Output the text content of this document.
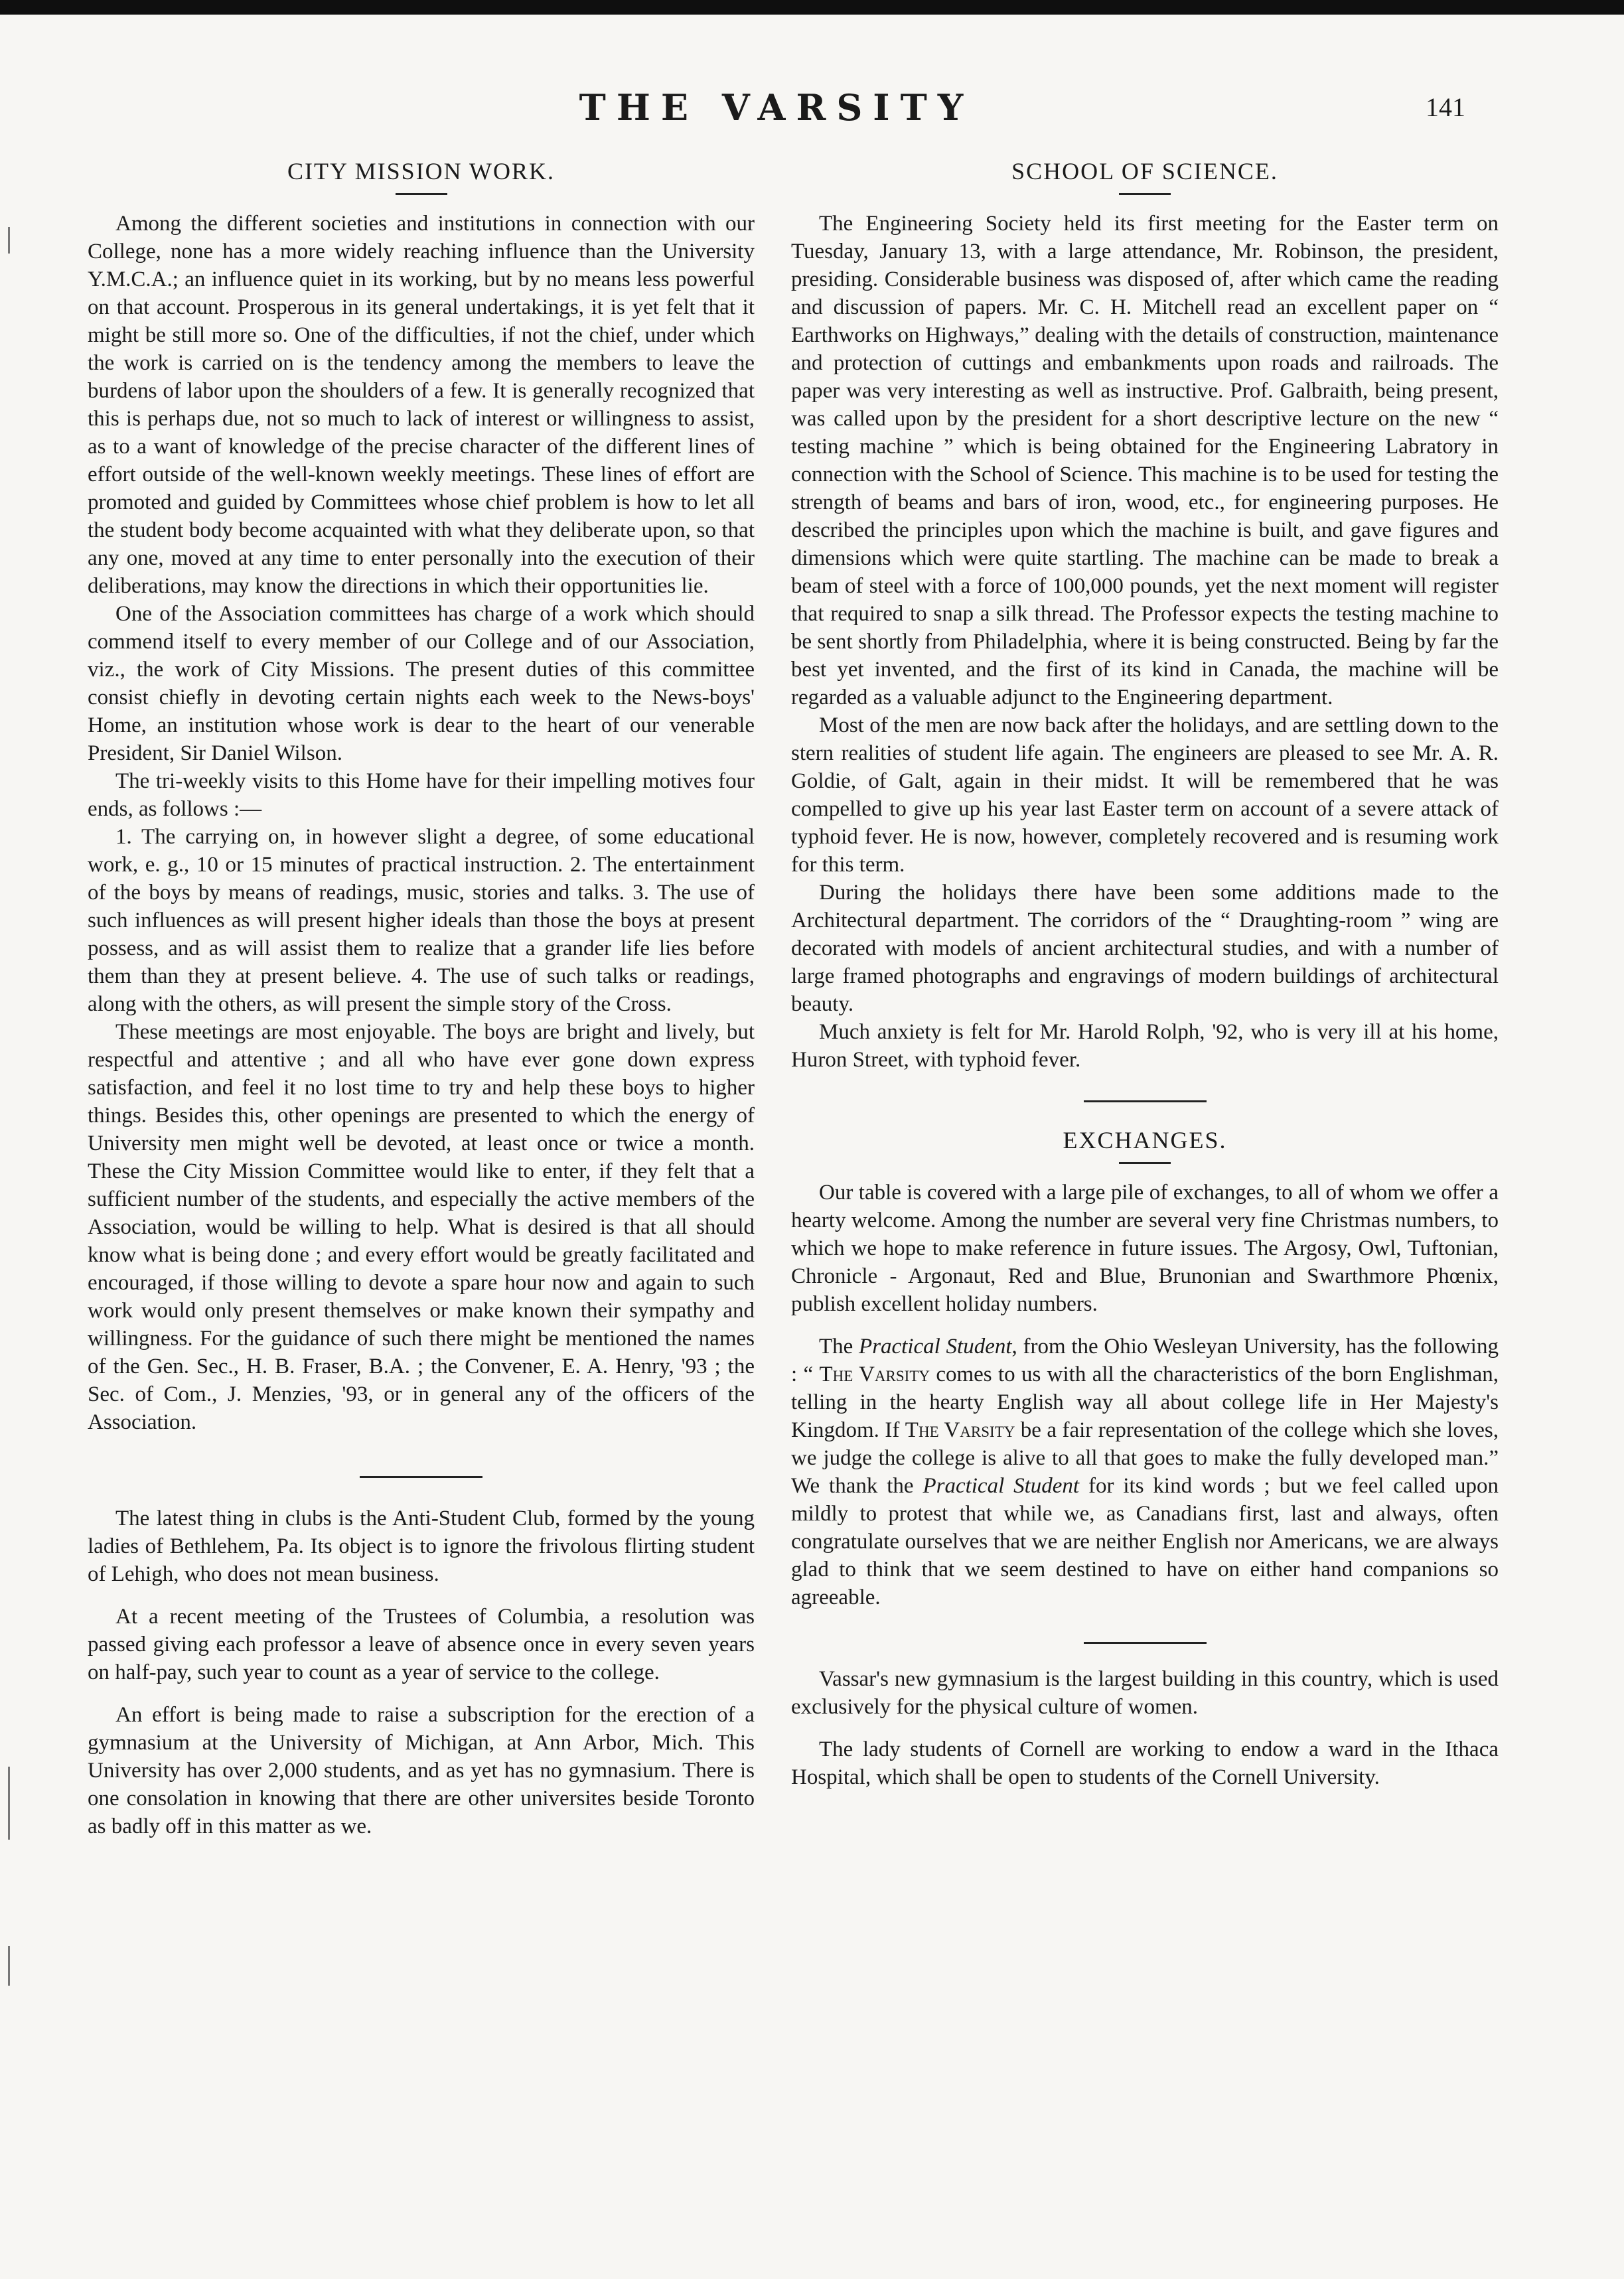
THE VARSITY	141
CITY MISSION WORK.

Among the different societies and institutions in connection with our College, none has a more widely reaching influence than the University Y.M.C.A.; an influence quiet in its working, but by no means less powerful on that account. Prosperous in its general undertakings, it is yet felt that it might be still more so. One of the difficulties, if not the chief, under which the work is carried on is the tendency among the members to leave the burdens of labor upon the shoulders of a few. It is generally recognized that this is perhaps due, not so much to lack of interest or willingness to assist, as to a want of knowledge of the precise character of the different lines of effort outside of the well-known weekly meetings. These lines of effort are promoted and guided by Committees whose chief problem is how to let all the student body become acquainted with what they deliberate upon, so that any one, moved at any time to enter personally into the execution of their deliberations, may know the directions in which their opportunities lie.

One of the Association committees has charge of a work which should commend itself to every member of our College and of our Association, viz., the work of City Missions. The present duties of this committee consist chiefly in devoting certain nights each week to the News-boys' Home, an institution whose work is dear to the heart of our venerable President, Sir Daniel Wilson.

The tri-weekly visits to this Home have for their impelling motives four ends, as follows :—

1. The carrying on, in however slight a degree, of some educational work, e. g., 10 or 15 minutes of practical instruction. 2. The entertainment of the boys by means of readings, music, stories and talks. 3. The use of such influences as will present higher ideals than those the boys at present possess, and as will assist them to realize that a grander life lies before them than they at present believe. 4. The use of such talks or readings, along with the others, as will present the simple story of the Cross.

These meetings are most enjoyable. The boys are bright and lively, but respectful and attentive ; and all who have ever gone down express satisfaction, and feel it no lost time to try and help these boys to higher things. Besides this, other openings are presented to which the energy of University men might well be devoted, at least once or twice a month. These the City Mission Committee would like to enter, if they felt that a sufficient number of the students, and especially the active members of the Association, would be willing to help. What is desired is that all should know what is being done ; and every effort would be greatly facilitated and encouraged, if those willing to devote a spare hour now and again to such work would only present themselves or make known their sympathy and willingness. For the guidance of such there might be mentioned the names of the Gen. Sec., H. B. Fraser, B.A. ; the Convener, E. A. Henry, '93 ; the Sec. of Com., J. Menzies, '93, or in general any of the officers of the Association.

The latest thing in clubs is the Anti-Student Club, formed by the young ladies of Bethlehem, Pa. Its object is to ignore the frivolous flirting student of Lehigh, who does not mean business.

At a recent meeting of the Trustees of Columbia, a resolution was passed giving each professor a leave of absence once in every seven years on half-pay, such year to count as a year of service to the college.

An effort is being made to raise a subscription for the erection of a gymnasium at the University of Michigan, at Ann Arbor, Mich. This University has over 2,000 students, and as yet has no gymnasium. There is one consolation in knowing that there are other universites beside Toronto as badly off in this matter as we.

SCHOOL OF SCIENCE.

The Engineering Society held its first meeting for the Easter term on Tuesday, January 13, with a large attendance, Mr. Robinson, the president, presiding. Considerable business was disposed of, after which came the reading and discussion of papers. Mr. C. H. Mitchell read an excellent paper on “ Earthworks on Highways,” dealing with the details of construction, maintenance and protection of cuttings and embankments upon roads and railroads. The paper was very interesting as well as instructive. Prof. Galbraith, being present, was called upon by the president for a short descriptive lecture on the new “ testing machine ” which is being obtained for the Engineering Labratory in connection with the School of Science. This machine is to be used for testing the strength of beams and bars of iron, wood, etc., for engineering purposes. He described the principles upon which the machine is built, and gave figures and dimensions which were quite startling. The machine can be made to break a beam of steel with a force of 100,000 pounds, yet the next moment will register that required to snap a silk thread. The Professor expects the testing machine to be sent shortly from Philadelphia, where it is being constructed. Being by far the best yet invented, and the first of its kind in Canada, the machine will be regarded as a valuable adjunct to the Engineering department.

Most of the men are now back after the holidays, and are settling down to the stern realities of student life again. The engineers are pleased to see Mr. A. R. Goldie, of Galt, again in their midst. It will be remembered that he was compelled to give up his year last Easter term on account of a severe attack of typhoid fever. He is now, however, completely recovered and is resuming work for this term.

During the holidays there have been some additions made to the Architectural department. The corridors of the “ Draughting-room ” wing are decorated with models of ancient architectural studies, and with a number of large framed photographs and engravings of modern buildings of architectural beauty.

Much anxiety is felt for Mr. Harold Rolph, '92, who is very ill at his home, Huron Street, with typhoid fever.

EXCHANGES.

Our table is covered with a large pile of exchanges, to all of whom we offer a hearty welcome. Among the number are several very fine Christmas numbers, to which we hope to make reference in future issues. The Argosy, Owl, Tuftonian, Chronicle - Argonaut, Red and Blue, Brunonian and Swarthmore Phœnix, publish excellent holiday numbers.

The Practical Student, from the Ohio Wesleyan University, has the following : “ The Varsity comes to us with all the characteristics of the born Englishman, telling in the hearty English way all about college life in Her Majesty's Kingdom. If The Varsity be a fair representation of the college which she loves, we judge the college is alive to all that goes to make the fully developed man.” We thank the Practical Student for its kind words ; but we feel called upon mildly to protest that while we, as Canadians first, last and always, often congratulate ourselves that we are neither English nor Americans, we are always glad to think that we seem destined to have on either hand companions so agreeable.

Vassar's new gymnasium is the largest building in this country, which is used exclusively for the physical culture of women.

The lady students of Cornell are working to endow a ward in the Ithaca Hospital, which shall be open to students of the Cornell University.
